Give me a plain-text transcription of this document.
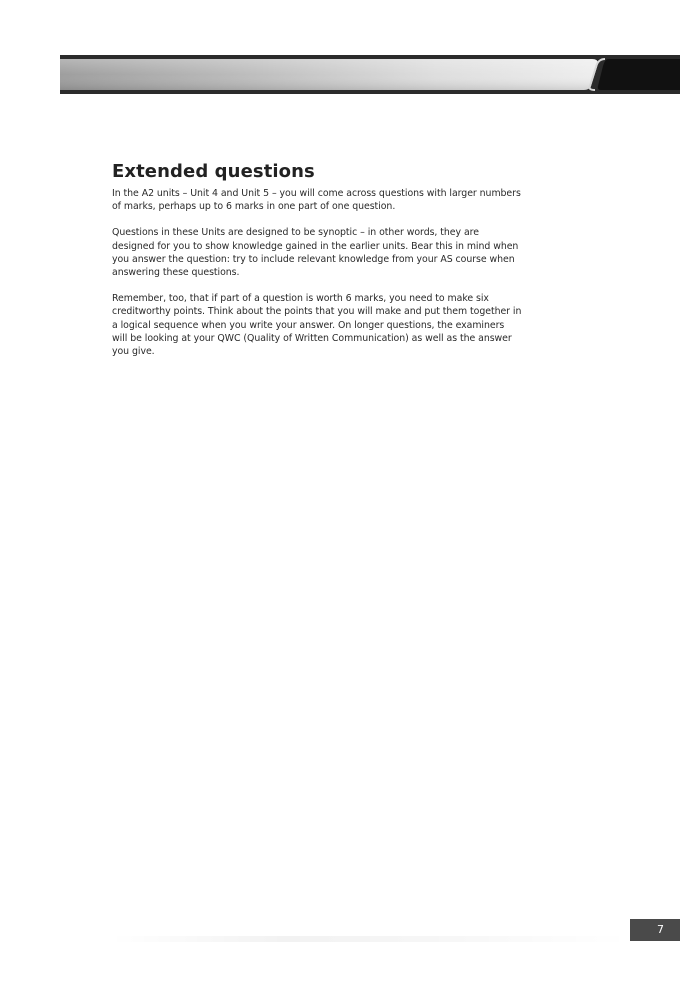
Extended questions

In the A2 units – Unit 4 and Unit 5 – you will come across questions with larger numbers of marks, perhaps up to 6 marks in one part of one question.

Questions in these Units are designed to be synoptic – in other words, they are designed for you to show knowledge gained in the earlier units. Bear this in mind when you answer the question: try to include relevant knowledge from your AS course when answering these questions.

Remember, too, that if part of a question is worth 6 marks, you need to make six creditworthy points. Think about the points that you will make and put them together in a logical sequence when you write your answer. On longer questions, the examiners will be looking at your QWC (Quality of Written Communication) as well as the answer you give.

7
